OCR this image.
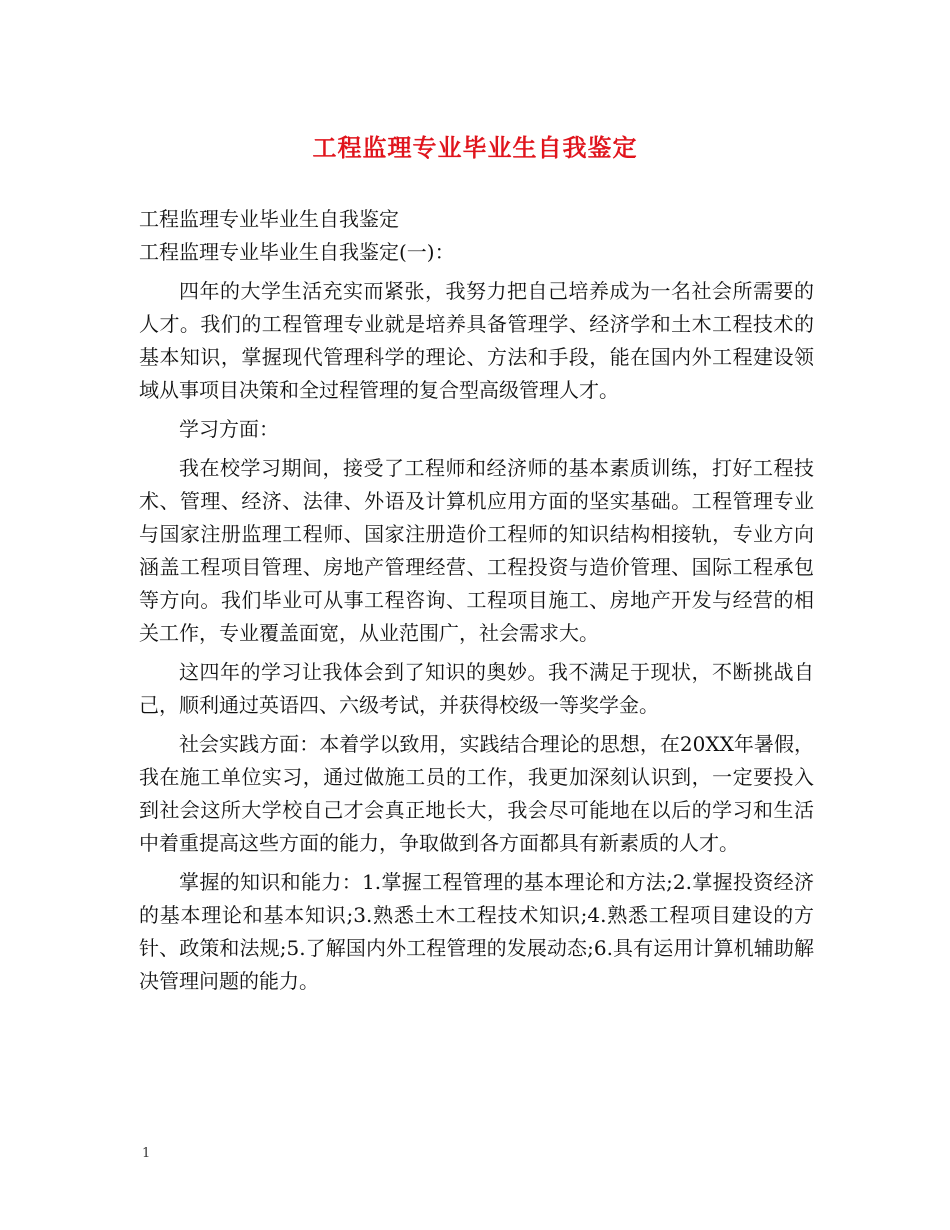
工程监理专业毕业生自我鉴定

工程监理专业毕业生自我鉴定

工程监理专业毕业生自我鉴定(一)：

四年的大学生活充实而紧张，我努力把自己培养成为一名社会所需要的人才。我们的工程管理专业就是培养具备管理学、经济学和土木工程技术的基本知识，掌握现代管理科学的理论、方法和手段，能在国内外工程建设领域从事项目决策和全过程管理的复合型高级管理人才。

学习方面：

我在校学习期间，接受了工程师和经济师的基本素质训练，打好工程技术、管理、经济、法律、外语及计算机应用方面的坚实基础。工程管理专业与国家注册监理工程师、国家注册造价工程师的知识结构相接轨，专业方向涵盖工程项目管理、房地产管理经营、工程投资与造价管理、国际工程承包等方向。我们毕业可从事工程咨询、工程项目施工、房地产开发与经营的相关工作，专业覆盖面宽，从业范围广，社会需求大。

这四年的学习让我体会到了知识的奥妙。我不满足于现状，不断挑战自己，顺利通过英语四、六级考试，并获得校级一等奖学金。

社会实践方面：本着学以致用，实践结合理论的思想，在20XX年暑假，我在施工单位实习，通过做施工员的工作，我更加深刻认识到，一定要投入到社会这所大学校自己才会真正地长大，我会尽可能地在以后的学习和生活中着重提高这些方面的能力，争取做到各方面都具有新素质的人才。

掌握的知识和能力：1.掌握工程管理的基本理论和方法;2.掌握投资经济的基本理论和基本知识;3.熟悉土木工程技术知识;4.熟悉工程项目建设的方针、政策和法规;5.了解国内外工程管理的发展动态;6.具有运用计算机辅助解决管理问题的能力。

1
